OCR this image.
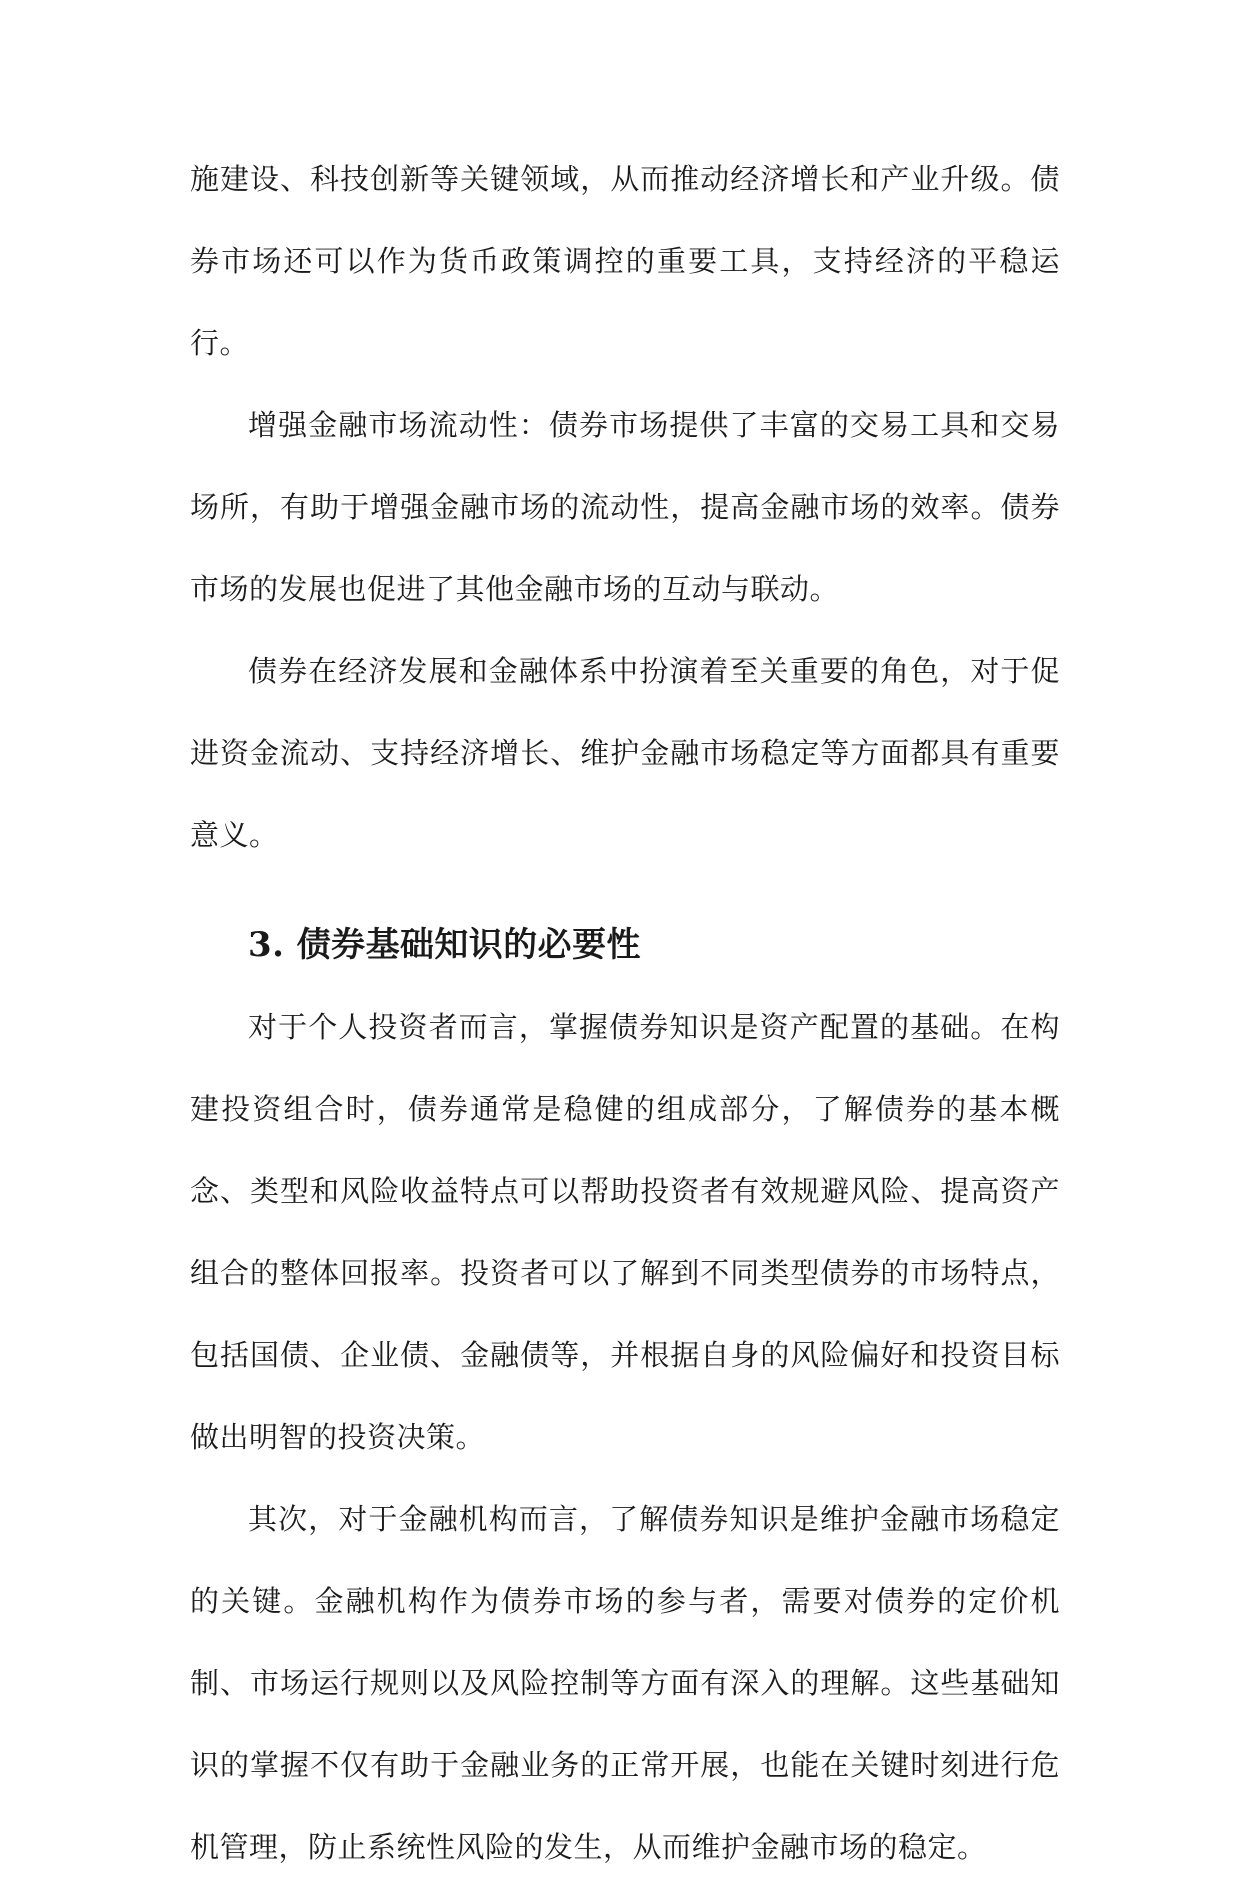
施建设、科技创新等关键领域，从而推动经济增长和产业升级。债券市场还可以作为货币政策调控的重要工具，支持经济的平稳运行。

增强金融市场流动性：债券市场提供了丰富的交易工具和交易场所，有助于增强金融市场的流动性，提高金融市场的效率。债券市场的发展也促进了其他金融市场的互动与联动。

债券在经济发展和金融体系中扮演着至关重要的角色，对于促进资金流动、支持经济增长、维护金融市场稳定等方面都具有重要意义。

3. 债券基础知识的必要性

对于个人投资者而言，掌握债券知识是资产配置的基础。在构建投资组合时，债券通常是稳健的组成部分，了解债券的基本概念、类型和风险收益特点可以帮助投资者有效规避风险、提高资产组合的整体回报率。投资者可以了解到不同类型债券的市场特点，包括国债、企业债、金融债等，并根据自身的风险偏好和投资目标做出明智的投资决策。

其次，对于金融机构而言，了解债券知识是维护金融市场稳定的关键。金融机构作为债券市场的参与者，需要对债券的定价机制、市场运行规则以及风险控制等方面有深入的理解。这些基础知识的掌握不仅有助于金融业务的正常开展，也能在关键时刻进行危机管理，防止系统性风险的发生，从而维护金融市场的稳定。
